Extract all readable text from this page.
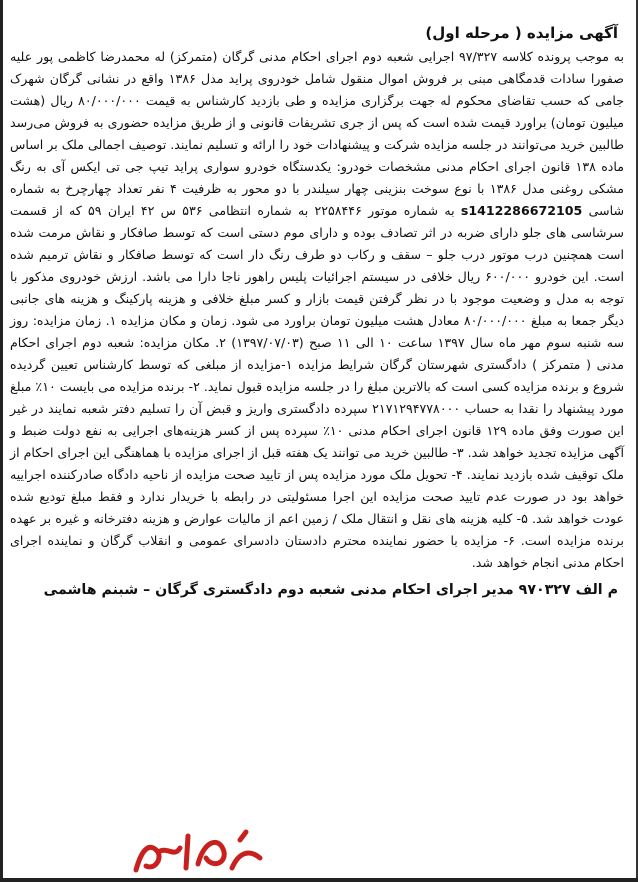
آگهی مزایده ( مرحله اول)

به موجب پرونده کلاسه ۹۷/۳۲۷ اجرایی شعبه دوم اجرای احکام مدنی گرگان (متمرکز) له محمدرضا کاظمی پور علیه صفورا سادات قدمگاهی مبنی بر فروش اموال منقول شامل خودروی پراید مدل ۱۳۸۶ واقع در نشانی گرگان شهرک جامی که حسب تقاضای محکوم له جهت برگزاری مزایده و طی بازدید کارشناس به قیمت ۸۰/۰۰۰/۰۰۰ ریال (هشت میلیون تومان) براورد قیمت شده است که پس از جری تشریفات قانونی و از طریق مزایده حضوری به فروش می‌رسد طالبین خرید می‌توانند در جلسه مزایده شرکت و پیشنهادات خود را ارائه و تسلیم نمایند. توصیف اجمالی ملک بر اساس ماده ۱۳۸ قانون اجرای احکام مدنی مشخصات خودرو: یکدستگاه خودرو سواری پراید تیپ جی تی ایکس آی به رنگ مشکی روغنی مدل ۱۳۸۶ با نوع سوخت بنزینی چهار سیلندر با دو محور به ظرفیت ۴ نفر تعداد چهارچرخ به شماره شاسی s1412286672105 به شماره موتور ۲۲۵۸۴۴۶ به شماره انتظامی ۵۳۶ س ۴۲ ایران ۵۹ که از قسمت سرشاسی های جلو دارای ضربه در اثر تصادف بوده و دارای موم دستی است که توسط صافکار و نقاش مرمت شده است همچنین درب موتور درب جلو – سقف و رکاب دو طرف رنگ دار است که توسط صافکار و نقاش ترمیم شده است. این خودرو ۶۰۰/۰۰۰ ریال خلافی در سیستم اجرائیات پلیس راهور ناجا دارا می باشد. ارزش خودروی مذکور با توجه به مدل و وضعیت موجود با در نظر گرفتن قیمت بازار و کسر مبلغ خلافی و هزینه پارکینگ و هزینه های جانبی دیگر جمعا به مبلغ ۸۰/۰۰۰/۰۰۰ معادل هشت میلیون تومان براورد می شود. زمان و مکان مزایده ۱. زمان مزایده: روز سه شنبه سوم مهر ماه سال ۱۳۹۷ ساعت ۱۰ الی ۱۱ صبح (۱۳۹۷/۰۷/۰۳) ۲. مکان مزایده: شعبه دوم اجرای احکام مدنی ( متمرکز ) دادگستری شهرستان گرگان شرایط مزایده ۱-مزایده از مبلغی که توسط کارشناس تعیین گردیده شروع و برنده مزایده کسی است که بالاترین مبلغ را در جلسه مزایده قبول نماید. ۲- برنده مزایده می بایست ۱۰٪ مبلغ مورد پیشنهاد را نقدا به حساب ۲۱۷۱۲۹۴۷۷۸۰۰۰ سپرده دادگستری واریز و قبض آن را تسلیم دفتر شعبه نمایند در غیر این صورت وفق ماده ۱۲۹ قانون اجرای احکام مدنی ۱۰٪ سپرده پس از کسر هزینه‌های اجرایی به نفع دولت ضبط و آگهی مزایده تجدید خواهد شد. ۳- طالبین خرید می توانند یک هفته قبل از اجرای مزایده با هماهنگی این اجرای احکام از ملک توقیف شده بازدید نمایند. ۴- تحویل ملک مورد مزایده پس از تایید صحت مزایده از ناحیه دادگاه صادرکننده اجراییه خواهد بود در صورت عدم تایید صحت مزایده این اجرا مسئولیتی در رابطه با خریدار ندارد و فقط مبلغ تودیع شده عودت خواهد شد. ۵- کلیه هزینه های نقل و انتقال ملک / زمین اعم از مالیات عوارض و هزینه دفترخانه و غیره بر عهده برنده مزایده است. ۶- مزایده با حضور نماینده محترم دادستان دادسرای عمومی و انقلاب گرگان و نماینده اجرای احکام مدنی انجام خواهد شد.

م الف ۹۷۰۳۲۷ مدیر اجرای احکام مدنی شعبه دوم دادگستری گرگان – شبنم هاشمی
